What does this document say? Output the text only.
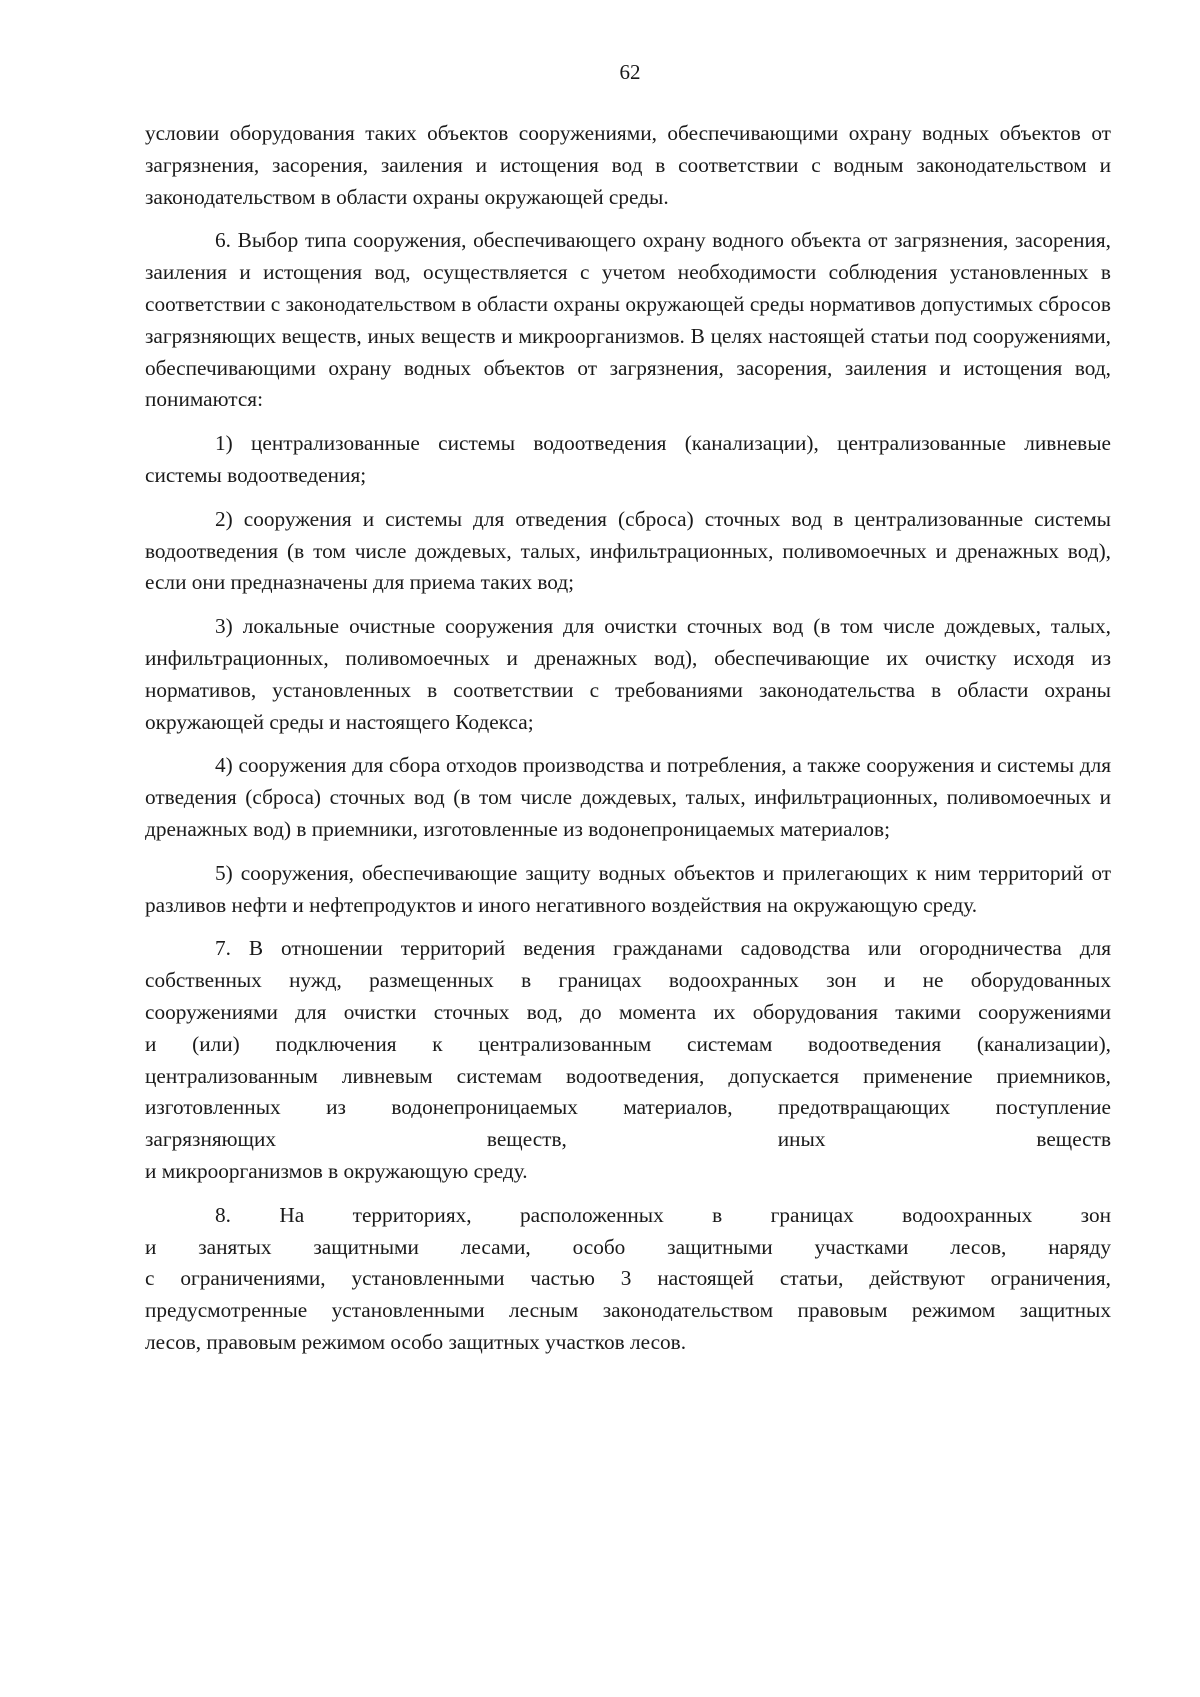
62

условии оборудования таких объектов сооружениями, обеспечивающими охрану водных объектов от загрязнения, засорения, заиления и истощения вод в соответствии с водным законодательством и законодательством в области охраны окружающей среды.

6. Выбор типа сооружения, обеспечивающего охрану водного объекта от загрязнения, засорения, заиления и истощения вод, осуществляется с учетом необходимости соблюдения установленных в соответствии с законодательством в области охраны окружающей среды нормативов допустимых сбросов загрязняющих веществ, иных веществ и микроорганизмов. В целях настоящей статьи под сооружениями, обеспечивающими охрану водных объектов от загрязнения, засорения, заиления и истощения вод, понимаются:

1) централизованные системы водоотведения (канализации), централизованные ливневые системы водоотведения;

2) сооружения и системы для отведения (сброса) сточных вод в централизованные системы водоотведения (в том числе дождевых, талых, инфильтрационных, поливомоечных и дренажных вод), если они предназначены для приема таких вод;

3) локальные очистные сооружения для очистки сточных вод (в том числе дождевых, талых, инфильтрационных, поливомоечных и дренажных вод), обеспечивающие их очистку исходя из нормативов, установленных в соответствии с требованиями законодательства в области охраны окружающей среды и настоящего Кодекса;

4) сооружения для сбора отходов производства и потребления, а также сооружения и системы для отведения (сброса) сточных вод (в том числе дождевых, талых, инфильтрационных, поливомоечных и дренажных вод) в приемники, изготовленные из водонепроницаемых материалов;

5) сооружения, обеспечивающие защиту водных объектов и прилегающих к ним территорий от разливов нефти и нефтепродуктов и иного негативного воздействия на окружающую среду.

7. В отношении территорий ведения гражданами садоводства или огородничества для
собственных нужд, размещенных в границах водоохранных зон и не оборудованных
сооружениями для очистки сточных вод, до момента их оборудования такими сооружениями
и (или) подключения к централизованным системам водоотведения (канализации),
централизованным ливневым системам водоотведения, допускается применение приемников,
изготовленных из водонепроницаемых материалов, предотвращающих поступление
загрязняющих веществ, иных веществ
и микроорганизмов в окружающую среду.

8. На территориях, расположенных в границах водоохранных зон
и занятых защитными лесами, особо защитными участками лесов, наряду
с ограничениями, установленными частью 3 настоящей статьи, действуют ограничения,
предусмотренные установленными лесным законодательством правовым режимом защитных
лесов, правовым режимом особо защитных участков лесов.
